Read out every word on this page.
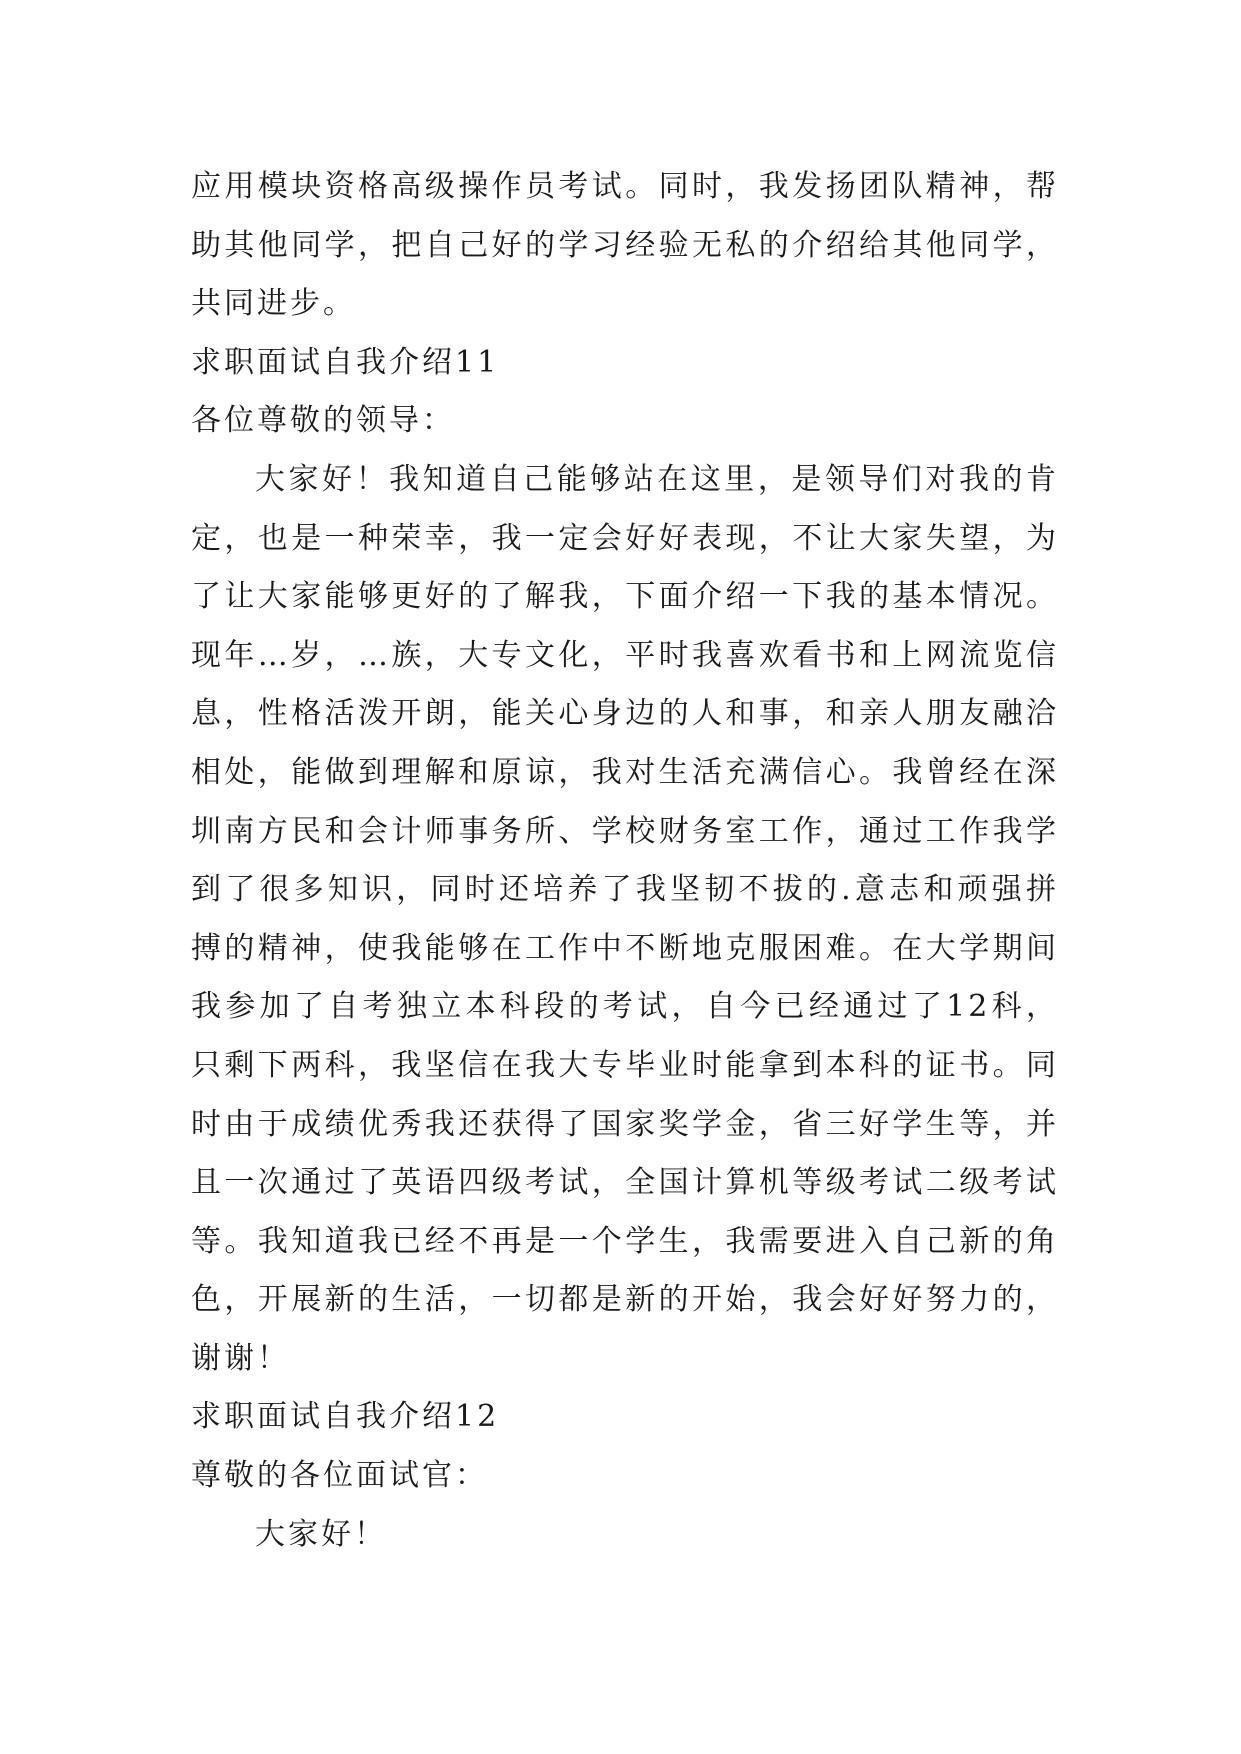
应用模块资格高级操作员考试。同时，我发扬团队精神，帮助其他同学，把自己好的学习经验无私的介绍给其他同学，共同进步。

求职面试自我介绍11

各位尊敬的领导：

大家好！我知道自己能够站在这里，是领导们对我的肯定，也是一种荣幸，我一定会好好表现，不让大家失望，为了让大家能够更好的了解我，下面介绍一下我的基本情况。现年…岁，…族，大专文化，平时我喜欢看书和上网流览信息，性格活泼开朗，能关心身边的人和事，和亲人朋友融洽相处，能做到理解和原谅，我对生活充满信心。我曾经在深圳南方民和会计师事务所、学校财务室工作，通过工作我学到了很多知识，同时还培养了我坚韧不拔的.意志和顽强拼搏的精神，使我能够在工作中不断地克服困难。在大学期间我参加了自考独立本科段的考试，自今已经通过了12科，只剩下两科，我坚信在我大专毕业时能拿到本科的证书。同时由于成绩优秀我还获得了国家奖学金，省三好学生等，并且一次通过了英语四级考试，全国计算机等级考试二级考试等。我知道我已经不再是一个学生，我需要进入自己新的角色，开展新的生活，一切都是新的开始，我会好好努力的，谢谢！

求职面试自我介绍12

尊敬的各位面试官：

大家好！
